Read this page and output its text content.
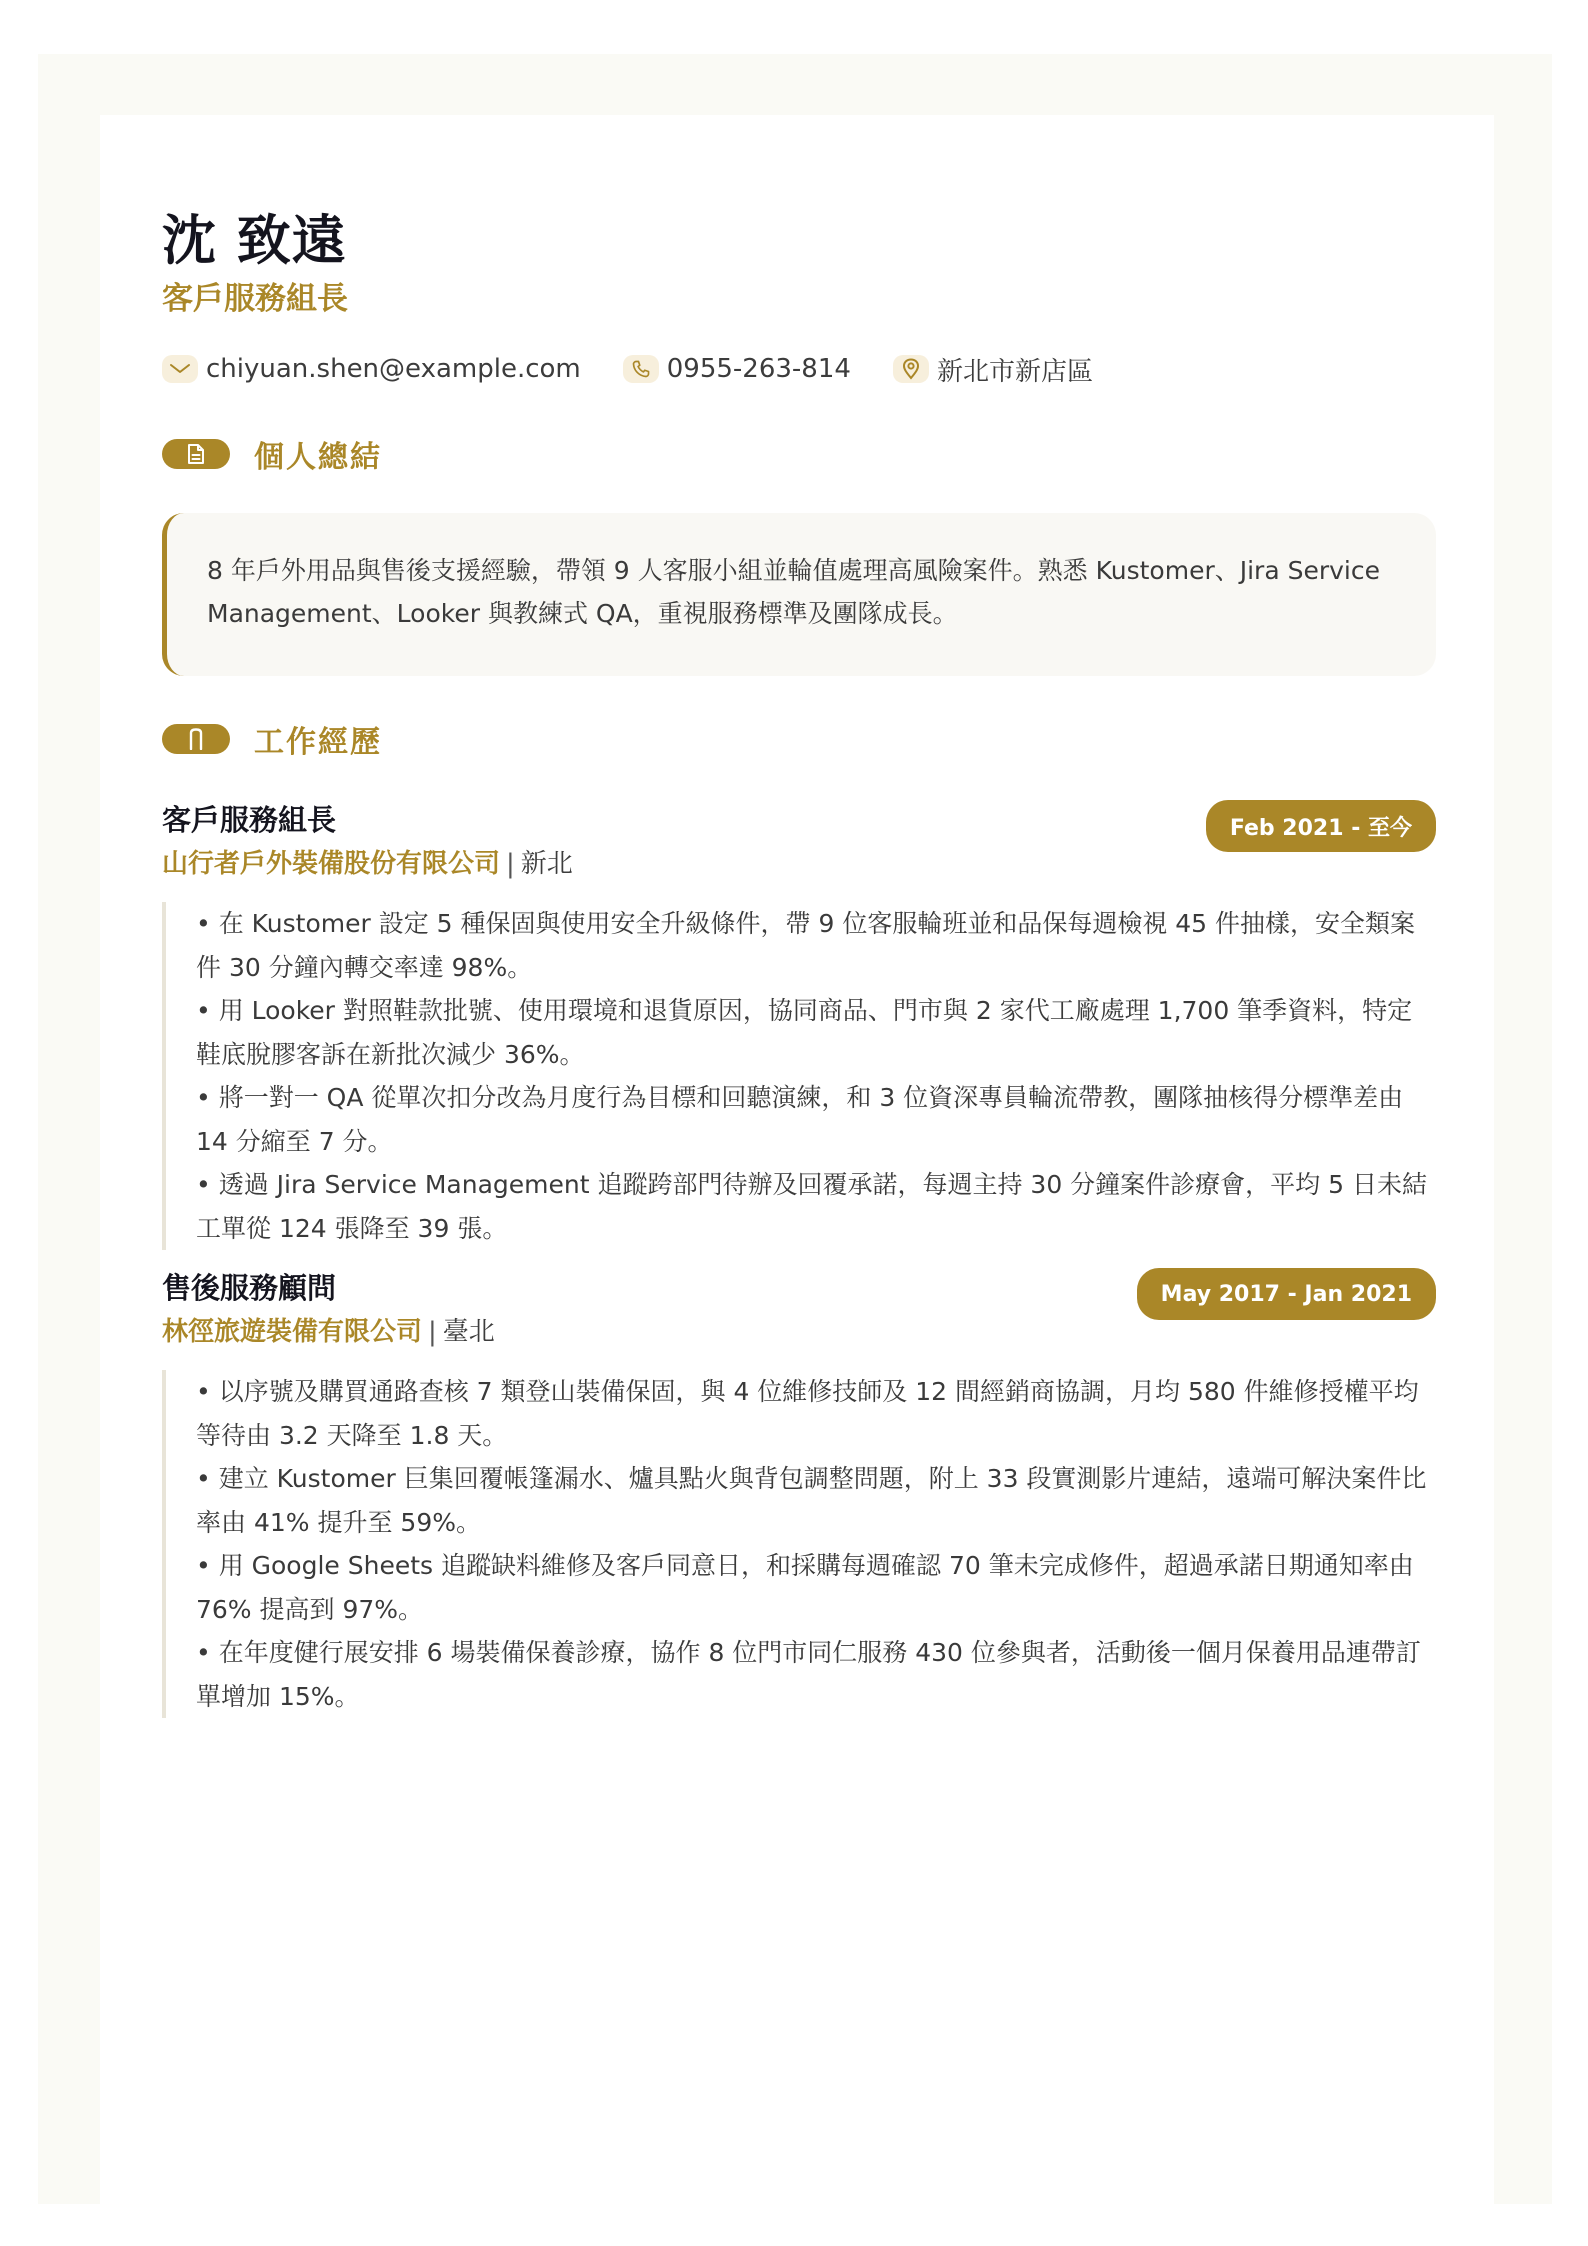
沈 致遠
客戶服務組長
chiyuan.shen@example.com	0955-263-814	新北市新店區
個人總結
8 年戶外用品與售後支援經驗，帶領 9 人客服小組並輪值處理高風險案件。熟悉 Kustomer、Jira Service Management、Looker 與教練式 QA，重視服務標準及團隊成長。
工作經歷
客戶服務組長
山行者戶外裝備股份有限公司 | 新北
Feb 2021 - 至今

• 在 Kustomer 設定 5 種保固與使用安全升級條件，帶 9 位客服輪班並和品保每週檢視 45 件抽樣，安全類案件 30 分鐘內轉交率達 98%。

• 用 Looker 對照鞋款批號、使用環境和退貨原因，協同商品、門市與 2 家代工廠處理 1,700 筆季資料，特定鞋底脫膠客訴在新批次減少 36%。

• 將一對一 QA 從單次扣分改為月度行為目標和回聽演練，和 3 位資深專員輪流帶教，團隊抽核得分標準差由 14 分縮至 7 分。

• 透過 Jira Service Management 追蹤跨部門待辦及回覆承諾，每週主持 30 分鐘案件診療會，平均 5 日未結工單從 124 張降至 39 張。

售後服務顧問
林徑旅遊裝備有限公司 | 臺北
May 2017 - Jan 2021

• 以序號及購買通路查核 7 類登山裝備保固，與 4 位維修技師及 12 間經銷商協調，月均 580 件維修授權平均等待由 3.2 天降至 1.8 天。

• 建立 Kustomer 巨集回覆帳篷漏水、爐具點火與背包調整問題，附上 33 段實測影片連結，遠端可解決案件比率由 41% 提升至 59%。

• 用 Google Sheets 追蹤缺料維修及客戶同意日，和採購每週確認 70 筆未完成修件，超過承諾日期通知率由 76% 提高到 97%。

• 在年度健行展安排 6 場裝備保養診療，協作 8 位門市同仁服務 430 位參與者，活動後一個月保養用品連帶訂單增加 15%。
